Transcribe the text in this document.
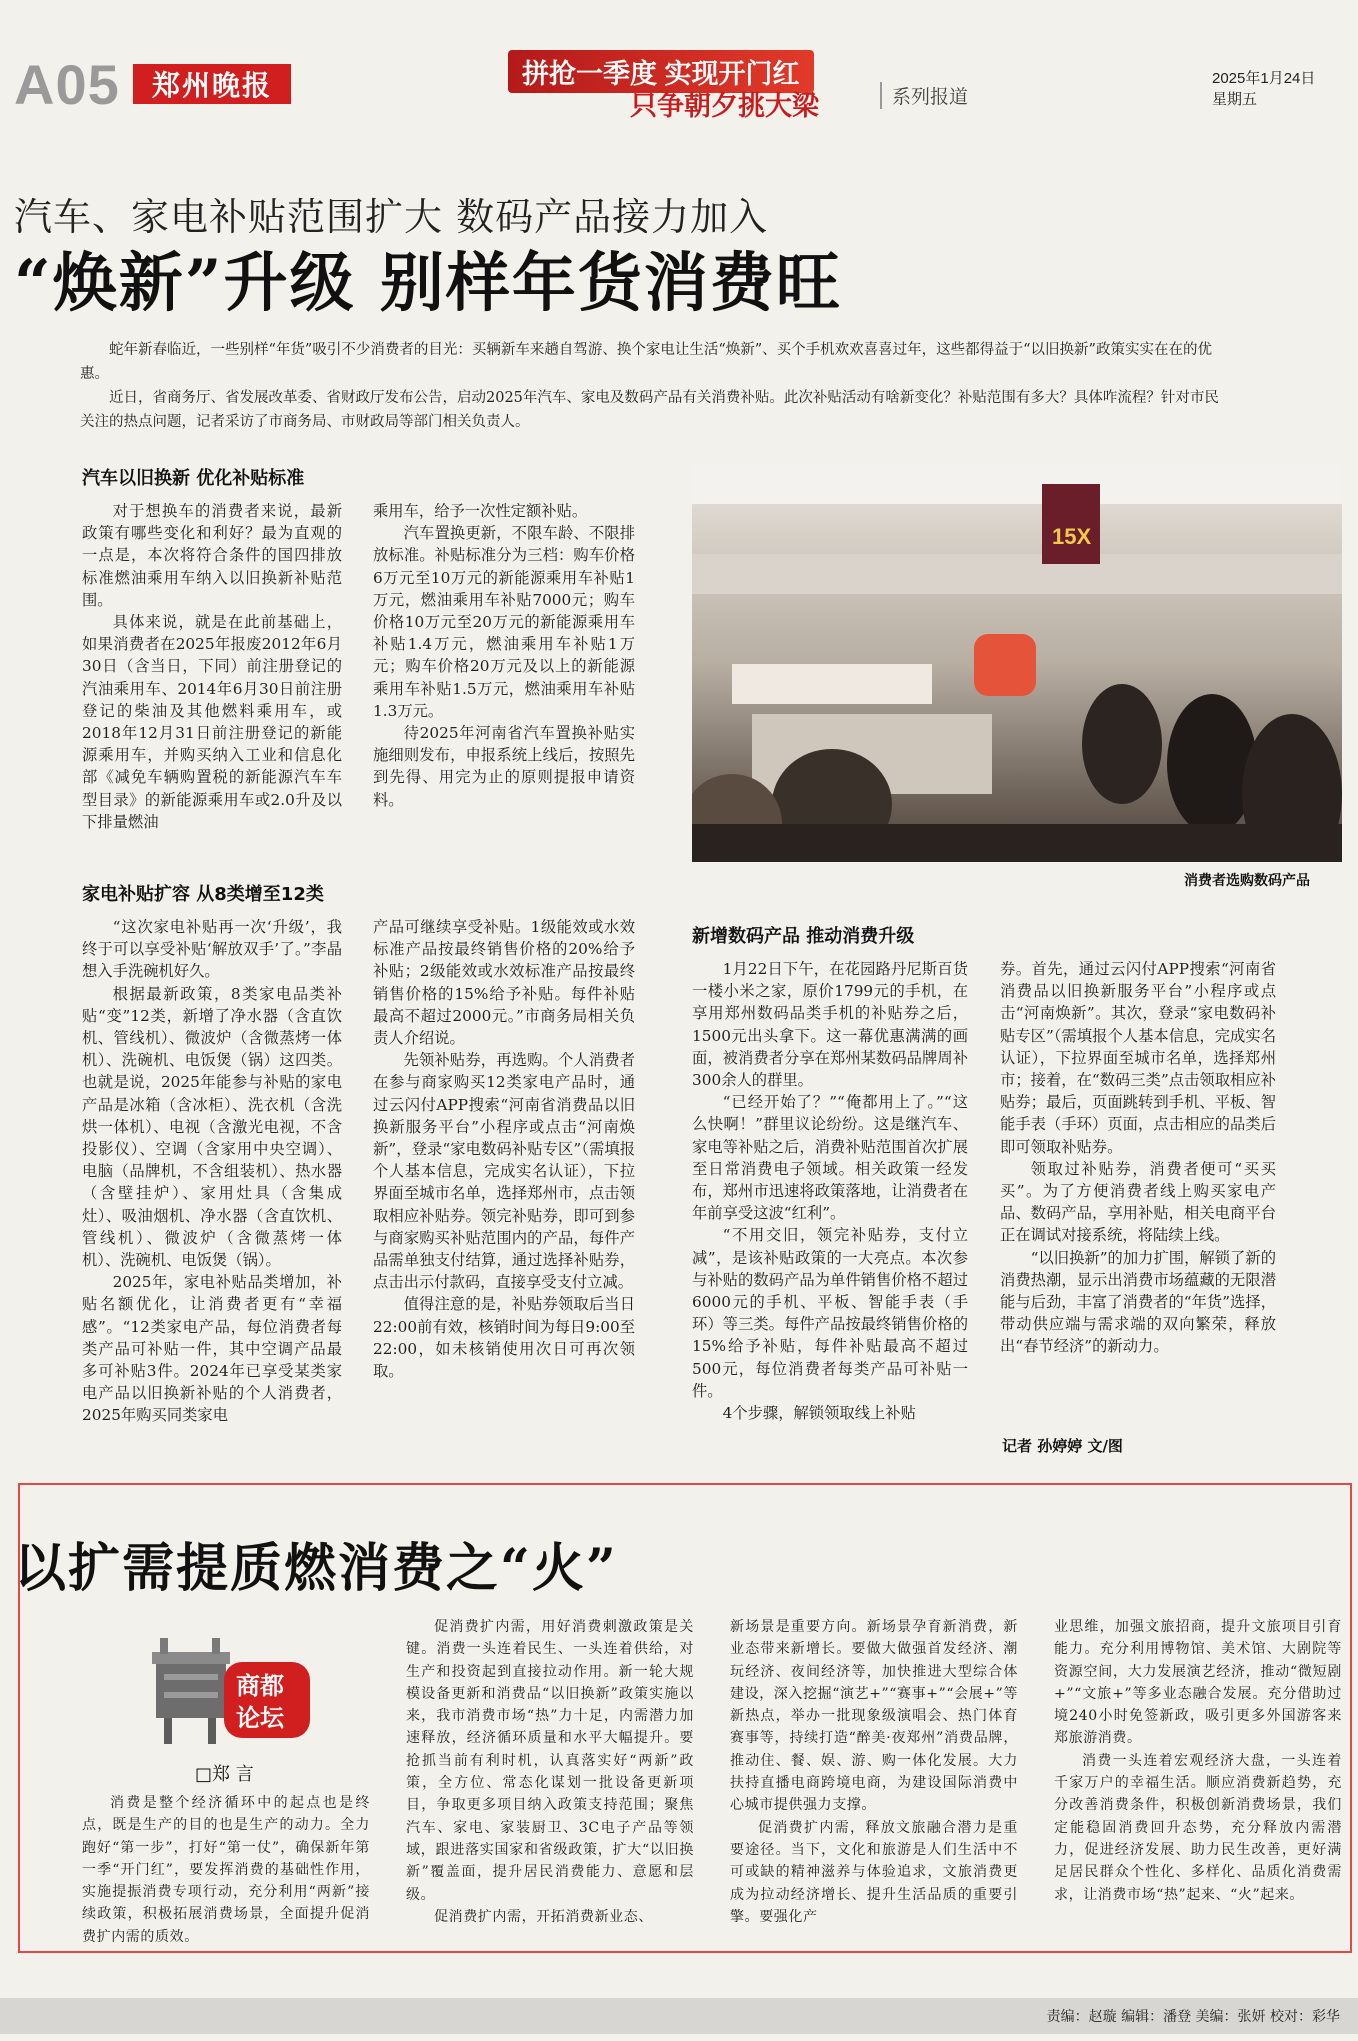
A05	郑州晚报	拼抢一季度 实现开门红
只争朝夕挑大梁	系列报道
2025年1月24日
星期五
汽车、家电补贴范围扩大 数码产品接力加入
“焕新”升级 别样年货消费旺
蛇年新春临近，一些别样“年货”吸引不少消费者的目光：买辆新车来趟自驾游、换个家电让生活“焕新”、买个手机欢欢喜喜过年，这些都得益于“以旧换新”政策实实在在的优惠。
近日，省商务厅、省发展改革委、省财政厅发布公告，启动2025年汽车、家电及数码产品有关消费补贴。此次补贴活动有啥新变化？补贴范围有多大？具体咋流程？针对市民关注的热点问题，记者采访了市商务局、市财政局等部门相关负责人。
汽车以旧换新 优化补贴标准

对于想换车的消费者来说，最新政策有哪些变化和利好？最为直观的一点是，本次将符合条件的国四排放标准燃油乘用车纳入以旧换新补贴范围。

具体来说，就是在此前基础上，如果消费者在2025年报废2012年6月30日（含当日，下同）前注册登记的汽油乘用车、2014年6月30日前注册登记的柴油及其他燃料乘用车，或2018年12月31日前注册登记的新能源乘用车，并购买纳入工业和信息化部《减免车辆购置税的新能源汽车车型目录》的新能源乘用车或2.0升及以下排量燃油

乘用车，给予一次性定额补贴。

汽车置换更新，不限车龄、不限排放标准。补贴标准分为三档：购车价格6万元至10万元的新能源乘用车补贴1万元，燃油乘用车补贴7000元；购车价格10万元至20万元的新能源乘用车补贴1.4万元，燃油乘用车补贴1万元；购车价格20万元及以上的新能源乘用车补贴1.5万元，燃油乘用车补贴1.3万元。

待2025年河南省汽车置换补贴实施细则发布，申报系统上线后，按照先到先得、用完为止的原则提报申请资料。

15X
消费者选购数码产品
家电补贴扩容 从8类增至12类

“这次家电补贴再一次‘升级’，我终于可以享受补贴‘解放双手’了。”李晶想入手洗碗机好久。

根据最新政策，8类家电品类补贴“变”12类，新增了净水器（含直饮机、管线机）、微波炉（含微蒸烤一体机）、洗碗机、电饭煲（锅）这四类。也就是说，2025年能参与补贴的家电产品是冰箱（含冰柜）、洗衣机（含洗烘一体机）、电视（含激光电视，不含投影仪）、空调（含家用中央空调）、电脑（品牌机，不含组装机）、热水器（含壁挂炉）、家用灶具（含集成灶）、吸油烟机、净水器（含直饮机、管线机）、微波炉（含微蒸烤一体机）、洗碗机、电饭煲（锅）。

2025年，家电补贴品类增加，补贴名额优化，让消费者更有“幸福感”。“12类家电产品，每位消费者每类产品可补贴一件，其中空调产品最多可补贴3件。2024年已享受某类家电产品以旧换新补贴的个人消费者，2025年购买同类家电

产品可继续享受补贴。1级能效或水效标准产品按最终销售价格的20%给予补贴；2级能效或水效标准产品按最终销售价格的15%给予补贴。每件补贴最高不超过2000元。”市商务局相关负责人介绍说。

先领补贴券，再选购。个人消费者在参与商家购买12类家电产品时，通过云闪付APP搜索“河南省消费品以旧换新服务平台”小程序或点击“河南焕新”，登录“家电数码补贴专区”（需填报个人基本信息，完成实名认证），下拉界面至城市名单，选择郑州市，点击领取相应补贴券。领完补贴券，即可到参与商家购买补贴范围内的产品，每件产品需单独支付结算，通过选择补贴券，点击出示付款码，直接享受支付立减。

值得注意的是，补贴券领取后当日22:00前有效，核销时间为每日9:00至22:00，如未核销使用次日可再次领取。

新增数码产品 推动消费升级

1月22日下午，在花园路丹尼斯百货一楼小米之家，原价1799元的手机，在享用郑州数码品类手机的补贴券之后，1500元出头拿下。这一幕优惠满满的画面，被消费者分享在郑州某数码品牌周补300余人的群里。

“已经开始了？”“俺都用上了。”“这么快啊！”群里议论纷纷。这是继汽车、家电等补贴之后，消费补贴范围首次扩展至日常消费电子领域。相关政策一经发布，郑州市迅速将政策落地，让消费者在年前享受这波“红利”。

“不用交旧，领完补贴券，支付立减”，是该补贴政策的一大亮点。本次参与补贴的数码产品为单件销售价格不超过6000元的手机、平板、智能手表（手环）等三类。每件产品按最终销售价格的15%给予补贴，每件补贴最高不超过500元，每位消费者每类产品可补贴一件。

4个步骤，解锁领取线上补贴

券。首先，通过云闪付APP搜索“河南省消费品以旧换新服务平台”小程序或点击“河南焕新”。其次，登录“家电数码补贴专区”（需填报个人基本信息，完成实名认证），下拉界面至城市名单，选择郑州市；接着，在“数码三类”点击领取相应补贴券；最后，页面跳转到手机、平板、智能手表（手环）页面，点击相应的品类后即可领取补贴券。

领取过补贴券，消费者便可“买买买”。为了方便消费者线上购买家电产品、数码产品，享用补贴，相关电商平台正在调试对接系统，将陆续上线。

“以旧换新”的加力扩围，解锁了新的消费热潮，显示出消费市场蕴藏的无限潜能与后劲，丰富了消费者的“年货”选择，带动供应端与需求端的双向繁荣，释放出“春节经济”的新动力。

记者 孙婷婷 文/图
以扩需提质燃消费之“火”
商都
论坛
□郑 言

消费是整个经济循环中的起点也是终点，既是生产的目的也是生产的动力。全力跑好“第一步”，打好“第一仗”，确保新年第一季“开门红”，要发挥消费的基础性作用，实施提振消费专项行动，充分利用“两新”接续政策，积极拓展消费场景，全面提升促消费扩内需的质效。

促消费扩内需，用好消费刺激政策是关键。消费一头连着民生、一头连着供给，对生产和投资起到直接拉动作用。新一轮大规模设备更新和消费品“以旧换新”政策实施以来，我市消费市场“热”力十足，内需潜力加速释放，经济循环质量和水平大幅提升。要抢抓当前有利时机，认真落实好“两新”政策，全方位、常态化谋划一批设备更新项目，争取更多项目纳入政策支持范围；聚焦汽车、家电、家装厨卫、3C电子产品等领域，跟进落实国家和省级政策，扩大“以旧换新”覆盖面，提升居民消费能力、意愿和层级。

促消费扩内需，开拓消费新业态、

新场景是重要方向。新场景孕育新消费，新业态带来新增长。要做大做强首发经济、潮玩经济、夜间经济等，加快推进大型综合体建设，深入挖掘“演艺+”“赛事+”“会展+”等新热点，举办一批现象级演唱会、热门体育赛事等，持续打造“醉美·夜郑州”消费品牌，推动住、餐、娱、游、购一体化发展。大力扶持直播电商跨境电商，为建设国际消费中心城市提供强力支撑。

促消费扩内需，释放文旅融合潜力是重要途径。当下，文化和旅游是人们生活中不可或缺的精神滋养与体验追求，文旅消费更成为拉动经济增长、提升生活品质的重要引擎。要强化产

业思维，加强文旅招商，提升文旅项目引育能力。充分利用博物馆、美术馆、大剧院等资源空间，大力发展演艺经济，推动“微短剧+”“文旅+”等多业态融合发展。充分借助过境240小时免签新政，吸引更多外国游客来郑旅游消费。

消费一头连着宏观经济大盘，一头连着千家万户的幸福生活。顺应消费新趋势，充分改善消费条件，积极创新消费场景，我们定能稳固消费回升态势，充分释放内需潜力，促进经济发展、助力民生改善，更好满足居民群众个性化、多样化、品质化消费需求，让消费市场“热”起来、“火”起来。

责编：赵璇 编辑：潘登 美编：张妍 校对：彩华
